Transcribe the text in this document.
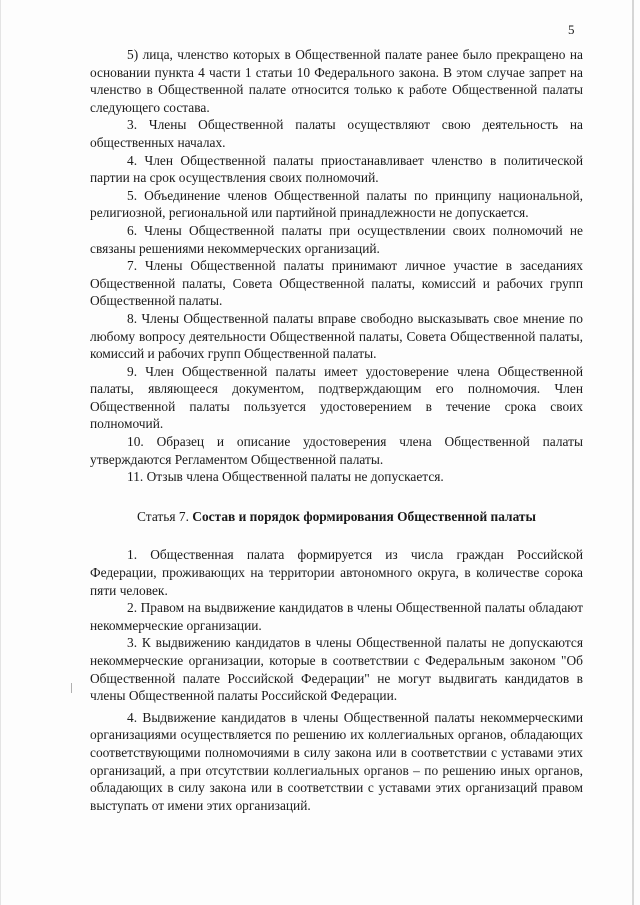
5

5) лица, членство которых в Общественной палате ранее было прекращено на основании пункта 4 части 1 статьи 10 Федерального закона. В этом случае запрет на членство в Общественной палате относится только к работе Общественной палаты следующего состава.

3. Члены Общественной палаты осуществляют свою деятельность на общественных началах.

4. Член Общественной палаты приостанавливает членство в политической партии на срок осуществления своих полномочий.

5. Объединение членов Общественной палаты по принципу национальной, религиозной, региональной или партийной принадлежности не допускается.

6. Члены Общественной палаты при осуществлении своих полномочий не связаны решениями некоммерческих организаций.

7. Члены Общественной палаты принимают личное участие в заседаниях Общественной палаты, Совета Общественной палаты, комиссий и рабочих групп Общественной палаты.

8. Члены Общественной палаты вправе свободно высказывать свое мнение по любому вопросу деятельности Общественной палаты, Совета Общественной палаты, комиссий и рабочих групп Общественной палаты.

9. Член Общественной палаты имеет удостоверение члена Общественной палаты, являющееся документом, подтверждающим его полномочия. Член Общественной палаты пользуется удостоверением в течение срока своих полномочий.

10. Образец и описание удостоверения члена Общественной палаты утверждаются Регламентом Общественной палаты.

11. Отзыв члена Общественной палаты не допускается.

Статья 7. Состав и порядок формирования Общественной палаты

1. Общественная палата формируется из числа граждан Российской Федерации, проживающих на территории автономного округа, в количестве сорока пяти человек.

2. Правом на выдвижение кандидатов в члены Общественной палаты обладают некоммерческие организации.

3. К выдвижению кандидатов в члены Общественной палаты не допускаются некоммерческие организации, которые в соответствии с Федеральным законом "Об Общественной палате Российской Федерации" не могут выдвигать кандидатов в члены Общественной палаты Российской Федерации.

4. Выдвижение кандидатов в члены Общественной палаты некоммерческими организациями осуществляется по решению их коллегиальных органов, обладающих соответствующими полномочиями в силу закона или в соответствии с уставами этих организаций, а при отсутствии коллегиальных органов – по решению иных органов, обладающих в силу закона или в соответствии с уставами этих организаций правом выступать от имени этих организаций.
